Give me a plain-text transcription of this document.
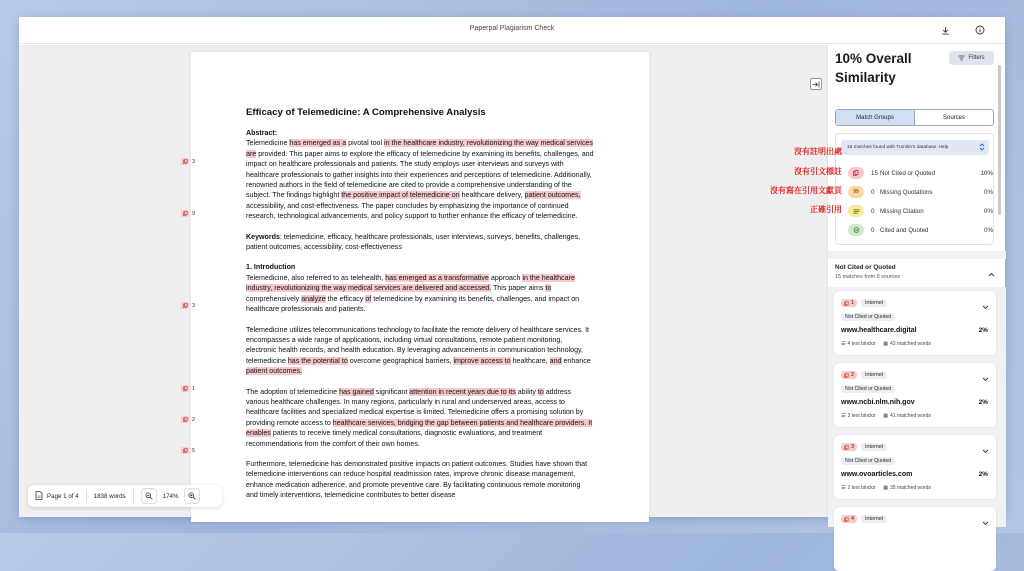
Paperpal Plagiarism Check
Efficacy of Telemedicine: A Comprehensive Analysis
Abstract:
Telemedicine has emerged as a pivotal tool in the healthcare industry, revolutionizing the way medical services are provided. This paper aims to explore the efficacy of telemedicine by examining its benefits, challenges, and impact on healthcare professionals and patients. The study employs user interviews and surveys with healthcare professionals to gather insights into their experiences and perceptions of telemedicine. Additionally, renowned authors in the field of telemedicine are cited to provide a comprehensive understanding of the subject. The findings highlight the positive impact of telemedicine on healthcare delivery, patient outcomes, accessibility, and cost-effectiveness. The paper concludes by emphasizing the importance of continued research, technological advancements, and policy support to further enhance the efficacy of telemedicine.
Keywords: telemedicine, efficacy, healthcare professionals, user interviews, surveys, benefits, challenges, patient outcomes, accessibility, cost-effectiveness
1. Introduction
Telemedicine, also referred to as telehealth, has emerged as a transformative approach in the healthcare industry, revolutionizing the way medical services are delivered and accessed. This paper aims to comprehensively analyze the efficacy of telemedicine by examining its benefits, challenges, and impact on healthcare professionals and patients.
Telemedicine utilizes telecommunications technology to facilitate the remote delivery of healthcare services. It encompasses a wide range of applications, including virtual consultations, remote patient monitoring, electronic health records, and health education. By leveraging advancements in communication technology, telemedicine has the potential to overcome geographical barriers, improve access to healthcare, and enhance patient outcomes.
The adoption of telemedicine has gained significant attention in recent years due to its ability to address various healthcare challenges. In many regions, particularly in rural and underserved areas, access to healthcare facilities and specialized medical expertise is limited. Telemedicine offers a promising solution by providing remote access to healthcare services, bridging the gap between patients and healthcare providers. It enables patients to receive timely medical consultations, diagnostic evaluations, and treatment recommendations from the comfort of their own homes.
Furthermore, telemedicine has demonstrated positive impacts on patient outcomes. Studies have shown that telemedicine interventions can reduce hospital readmission rates, improve chronic disease management, enhance medication adherence, and promote preventive care. By facilitating continuous remote monitoring and timely interventions, telemedicine contributes to better disease
3
9
3
1
2
5
Page 1 of 4	1838 words	174%
10% Overall Similarity
Filters
Match Groups	Sources
15 matches found with Turnitin's database Help
15 Not Cited or Quoted	10%
99	0 Missing Quotations	0%
0 Missing Citation	0%
0 Cited and Quoted	0%
Not Cited or Quoted
15 matches from 9 sources
1	Internet
Not Cited or Quoted
www.healthcare.digital	2%
☰ 4 text blocks ▦ 43 matched words
2	Internet
Not Cited or Quoted
www.ncbi.nlm.nih.gov	2%
☰ 3 text blocks ▦ 41 matched words
3	Internet
Not Cited or Quoted
www.ovoarticles.com	2%
☰ 2 text blocks ▦ 35 matched words
4	Internet
沒有註明出處
沒有引文標註
沒有寫在引用文獻頁
正確引用
